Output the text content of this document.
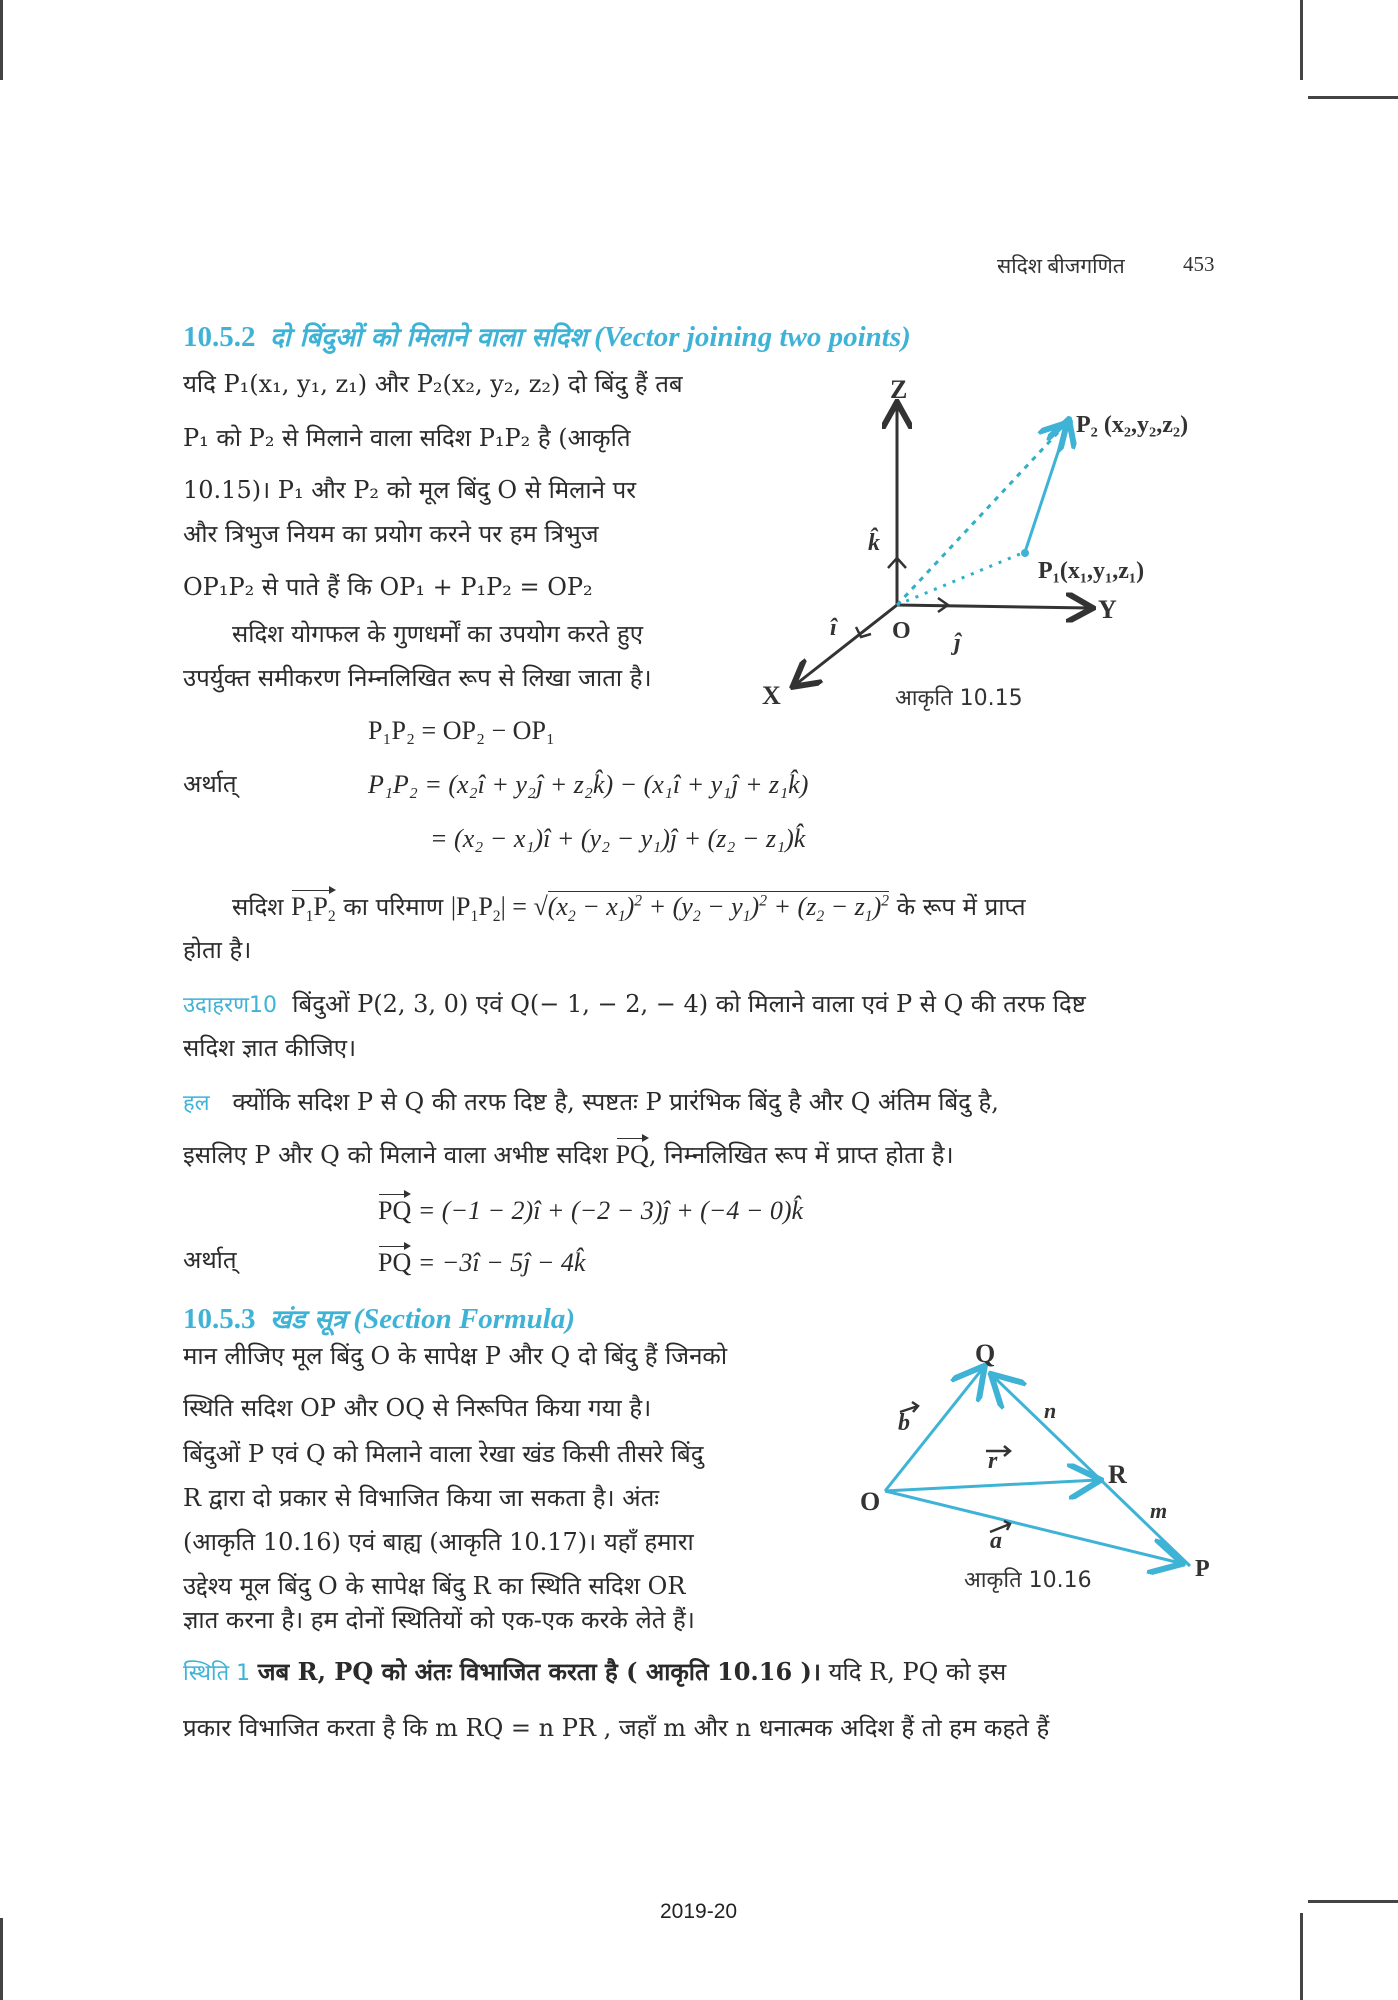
सदिश बीजगणित	453
10.5.2 दो बिंदुओं को मिलाने वाला सदिश (Vector joining two points)
यदि P₁(x₁, y₁, z₁) और P₂(x₂, y₂, z₂) दो बिंदु हैं तब
P₁ को P₂ से मिलाने वाला सदिश P₁P₂ है (आकृति
10.15)। P₁ और P₂ को मूल बिंदु O से मिलाने पर
और त्रिभुज नियम का प्रयोग करने पर हम त्रिभुज
OP₁P₂ से पाते हैं कि OP₁ + P₁P₂ = OP₂
सदिश योगफल के गुणधर्मों का उपयोग करते हुए
उपर्युक्त समीकरण निम्नलिखित रूप से लिखा जाता है।
Z
Y
X
O
k̂
ĵ
î
P₁(x₁,y₁,z₁)
P₂ (x₂,y₂,z₂)
आकृति 10.15
P₁P₂ = OP₂ − OP₁
अर्थात्	P₁P₂ = (x₂î + y₂ĵ + z₂k̂) − (x₁î + y₁ĵ + z₁k̂)
= (x₂ − x₁)î + (y₂ − y₁)ĵ + (z₂ − z₁)k̂
सदिश $P_1P_2$ का परिमाण $|P_1P_2| = √(x_2 - x_1)^2 + (y_2 - y_1)^2 + (z_2 - z_1)^2$ के रूप में प्राप्त
होता है।
उदाहरण10 बिंदुओं P(2, 3, 0) एवं Q(− 1, − 2, − 4) को मिलाने वाला एवं P से Q की तरफ दिष्ट
सदिश ज्ञात कीजिए।
हल क्योंकि सदिश P से Q की तरफ दिष्ट है, स्पष्टतः P प्रारंभिक बिंदु है और Q अंतिम बिंदु है,
इसलिए P और Q को मिलाने वाला अभीष्ट सदिश PQ, निम्नलिखित रूप में प्राप्त होता है।
PQ = (−1 − 2)î + (−2 − 3)ĵ + (−4 − 0)k̂
अर्थात्	PQ = −3î − 5ĵ − 4k̂
10.5.3 खंड सूत्र (Section Formula)
मान लीजिए मूल बिंदु O के सापेक्ष P और Q दो बिंदु हैं जिनको
स्थिति सदिश OP और OQ से निरूपित किया गया है।
बिंदुओं P एवं Q को मिलाने वाला रेखा खंड किसी तीसरे बिंदु
R द्वारा दो प्रकार से विभाजित किया जा सकता है। अंतः
(आकृति 10.16) एवं बाह्य (आकृति 10.17)। यहाँ हमारा
उद्देश्य मूल बिंदु O के सापेक्ष बिंदु R का स्थिति सदिश OR
ज्ञात करना है। हम दोनों स्थितियों को एक-एक करके लेते हैं।
Q
O
R
P
b
r
a
n
m
आकृति 10.16
स्थिति 1 जब R, PQ को अंतः विभाजित करता है ( आकृति 10.16 )। यदि R, PQ को इस
प्रकार विभाजित करता है कि m RQ = n PR , जहाँ m और n धनात्मक अदिश हैं तो हम कहते हैं
2019-20
